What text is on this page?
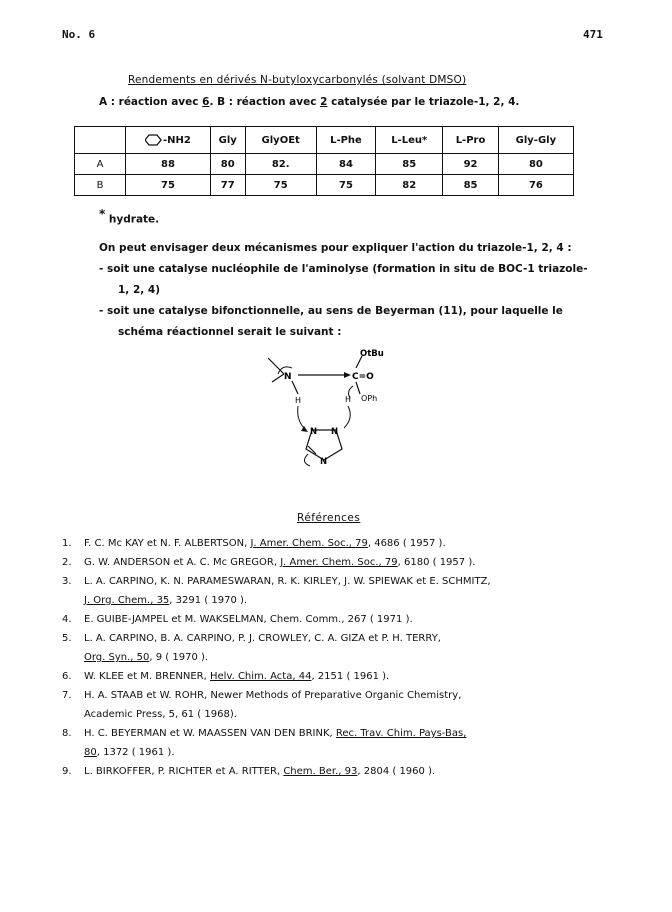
No. 6	471
Rendements en dérivés N-butyloxycarbonylés (solvant DMSO)
A : réaction avec 6. B : réaction avec 2 catalysée par le triazole-1, 2, 4.
	-NH2	Gly	GlyOEt	L-Phe	L-Leu*	L-Pro	Gly-Gly
A	88	80	82.	84	85	92	80
B	75	77	75	75	82	85	76
* hydrate.
On peut envisager deux mécanismes pour expliquer l'action du triazole-1, 2, 4 :
- soit une catalyse nucléophile de l'aminolyse (formation in situ de BOC-1 triazole-
1, 2, 4)
- soit une catalyse bifonctionnelle, au sens de Beyerman (11), pour laquelle le
schéma réactionnel serait le suivant :
N
H
OtBu
C=O
OPh
H
N N
N
Références
1. F. C. Mc KAY et N. F. ALBERTSON, J. Amer. Chem. Soc., 79, 4686 ( 1957 ).
2. G. W. ANDERSON et A. C. Mc GREGOR, J. Amer. Chem. Soc., 79, 6180 ( 1957 ).
3. L. A. CARPINO, K. N. PARAMESWARAN, R. K. KIRLEY, J. W. SPIEWAK et E. SCHMITZ,
J. Org. Chem., 35, 3291 ( 1970 ).
4. E. GUIBE-JAMPEL et M. WAKSELMAN, Chem. Comm., 267 ( 1971 ).
5. L. A. CARPINO, B. A. CARPINO, P. J. CROWLEY, C. A. GIZA et P. H. TERRY,
Org. Syn., 50, 9 ( 1970 ).
6. W. KLEE et M. BRENNER, Helv. Chim. Acta, 44, 2151 ( 1961 ).
7. H. A. STAAB et W. ROHR, Newer Methods of Preparative Organic Chemistry,
Academic Press, 5, 61 ( 1968).
8. H. C. BEYERMAN et W. MAASSEN VAN DEN BRINK, Rec. Trav. Chim. Pays-Bas,
80, 1372 ( 1961 ).
9. L. BIRKOFFER, P. RICHTER et A. RITTER, Chem. Ber., 93, 2804 ( 1960 ).
